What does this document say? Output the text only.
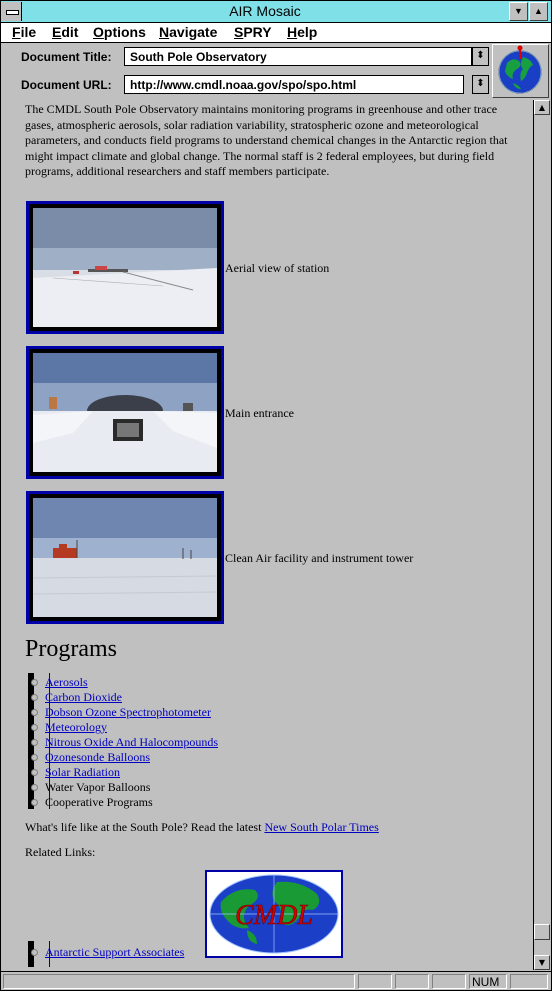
AIR Mosaic	▼	▲
File Edit Options Navigate SPRY Help
Document Title:	South Pole Observatory	⬍
Document URL:	http://www.cmdl.noaa.gov/spo/spo.html	⬍

The CMDL South Pole Observatory maintains monitoring programs in greenhouse and other trace gases, atmospheric aerosols, solar radiation variability, stratospheric ozone and meteorological parameters, and conducts field programs to understand chemical changes in the Antarctic region that might impact climate and global change. The normal staff is 2 federal employees, but during field programs, additional researchers and staff members participate.

Aerial view of station
Main entrance
Clean Air facility and instrument tower
Programs
Aerosols
Carbon Dioxide
Dobson Ozone Spectrophotometer
Meteorology
Nitrous Oxide And Halocompounds
Ozonesonde Balloons
Solar Radiation
Water Vapor Balloons
Cooperative Programs
What's life like at the South Pole? Read the latest New South Polar Times
Related Links:
CMDL
Antarctic Support Associates
▲
▼
NUM
